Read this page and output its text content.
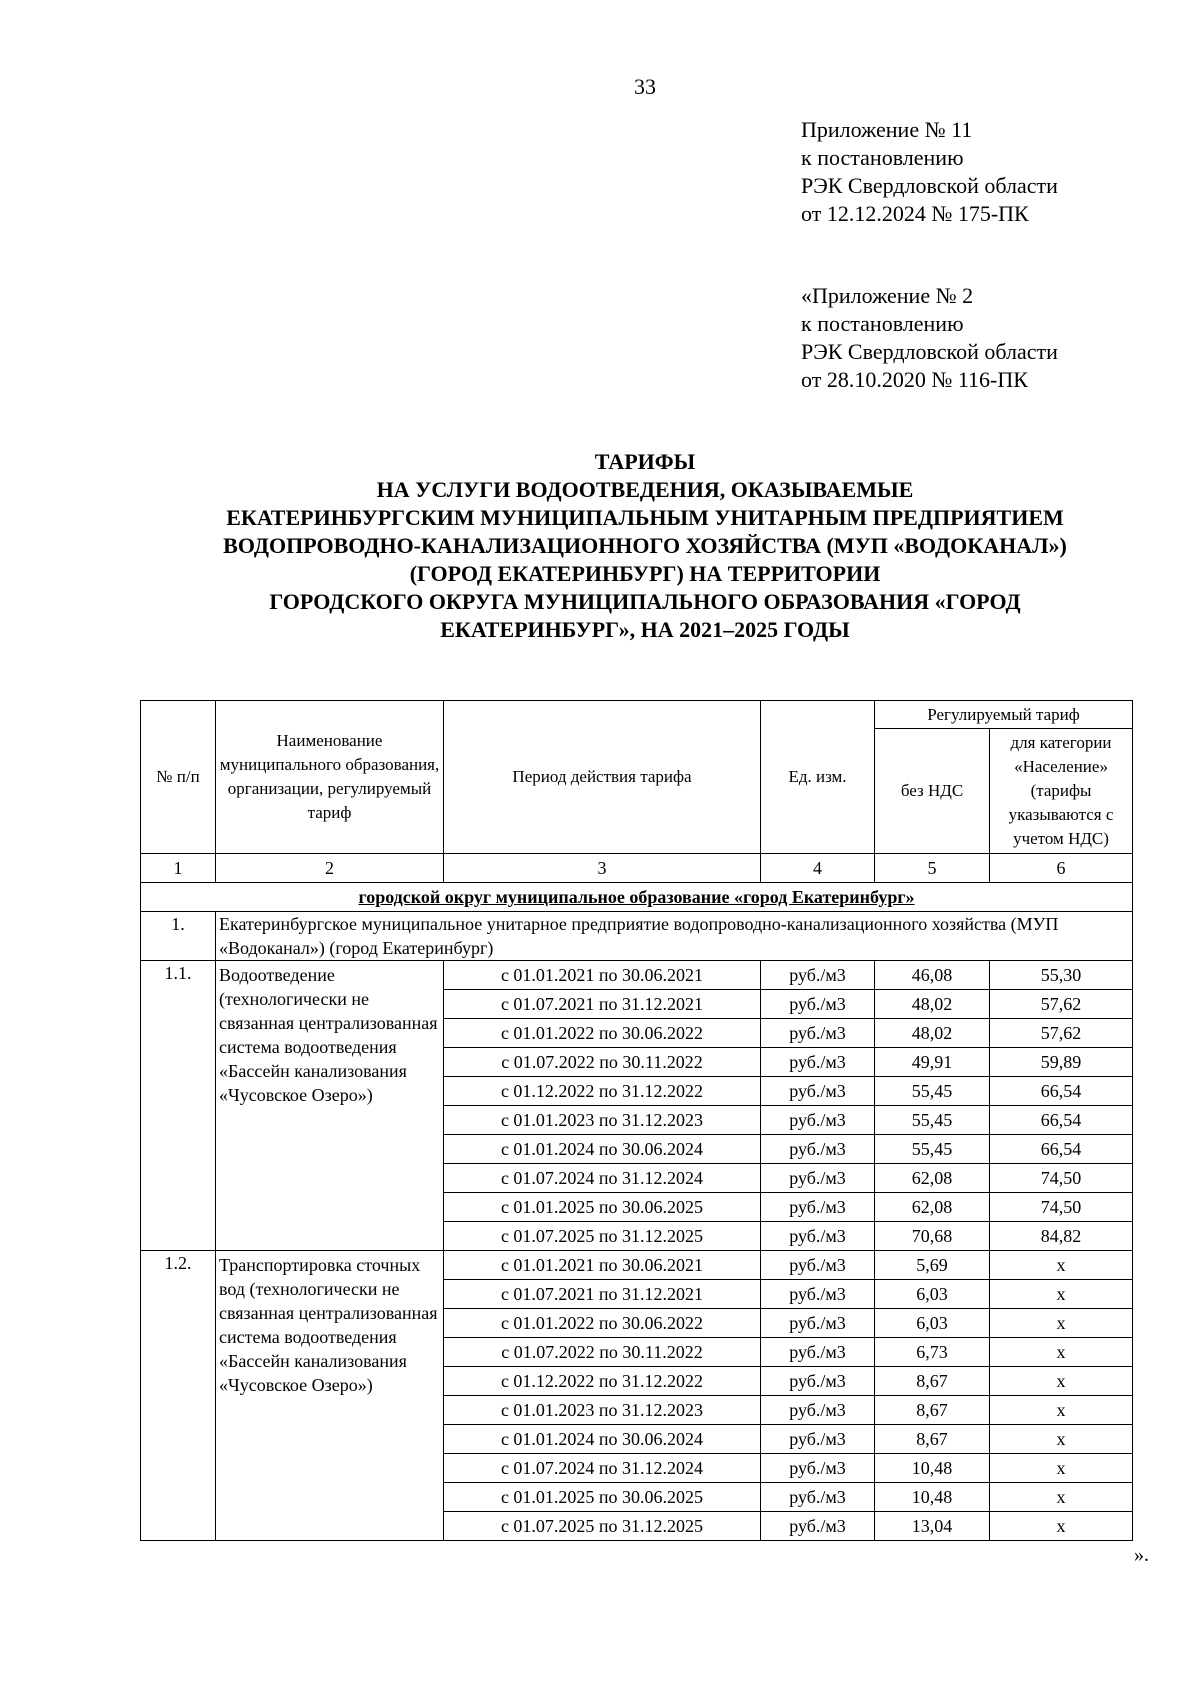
33
Приложение № 11
к постановлению
РЭК Свердловской области
от 12.12.2024 № 175-ПК
«Приложение № 2
к постановлению
РЭК Свердловской области
от 28.10.2020 № 116-ПК
ТАРИФЫ
НА УСЛУГИ ВОДООТВЕДЕНИЯ, ОКАЗЫВАЕМЫЕ
ЕКАТЕРИНБУРГСКИМ МУНИЦИПАЛЬНЫМ УНИТАРНЫМ ПРЕДПРИЯТИЕМ
ВОДОПРОВОДНО-КАНАЛИЗАЦИОННОГО ХОЗЯЙСТВА (МУП «ВОДОКАНАЛ»)
(ГОРОД ЕКАТЕРИНБУРГ) НА ТЕРРИТОРИИ
ГОРОДСКОГО ОКРУГА МУНИЦИПАЛЬНОГО ОБРАЗОВАНИЯ «ГОРОД
ЕКАТЕРИНБУРГ», НА 2021–2025 ГОДЫ
№ п/п	Наименование муниципального образования, организации, регулируемый тариф	Период действия тарифа	Ед. изм.	Регулируемый тариф	
				без НДС	для категории «Население» (тарифы указываются с учетом НДС)
1	2	3	4	5	6
городской округ муниципальное образование «город Екатеринбург»					
1.	Екатеринбургское муниципальное унитарное предприятие водопроводно-канализационного хозяйства (МУП «Водоканал») (город Екатеринбург)				
1.1.	Водоотведение (технологически не связанная централизованная система водоотведения «Бассейн канализования «Чусовское Озеро»)	с 01.01.2021 по 30.06.2021	руб./м3	46,08	55,30
		с 01.07.2021 по 31.12.2021	руб./м3	48,02	57,62
		с 01.01.2022 по 30.06.2022	руб./м3	48,02	57,62
		с 01.07.2022 по 30.11.2022	руб./м3	49,91	59,89
		с 01.12.2022 по 31.12.2022	руб./м3	55,45	66,54
		с 01.01.2023 по 31.12.2023	руб./м3	55,45	66,54
		с 01.01.2024 по 30.06.2024	руб./м3	55,45	66,54
		с 01.07.2024 по 31.12.2024	руб./м3	62,08	74,50
		с 01.01.2025 по 30.06.2025	руб./м3	62,08	74,50
		с 01.07.2025 по 31.12.2025	руб./м3	70,68	84,82
1.2.	Транспортировка сточных вод (технологически не связанная централизованная система водоотведения «Бассейн канализования «Чусовское Озеро»)	с 01.01.2021 по 30.06.2021	руб./м3	5,69	х
		с 01.07.2021 по 31.12.2021	руб./м3	6,03	х
		с 01.01.2022 по 30.06.2022	руб./м3	6,03	х
		с 01.07.2022 по 30.11.2022	руб./м3	6,73	х
		с 01.12.2022 по 31.12.2022	руб./м3	8,67	х
		с 01.01.2023 по 31.12.2023	руб./м3	8,67	х
		с 01.01.2024 по 30.06.2024	руб./м3	8,67	х
		с 01.07.2024 по 31.12.2024	руб./м3	10,48	х
		с 01.01.2025 по 30.06.2025	руб./м3	10,48	х
		с 01.07.2025 по 31.12.2025	руб./м3	13,04	х
».
